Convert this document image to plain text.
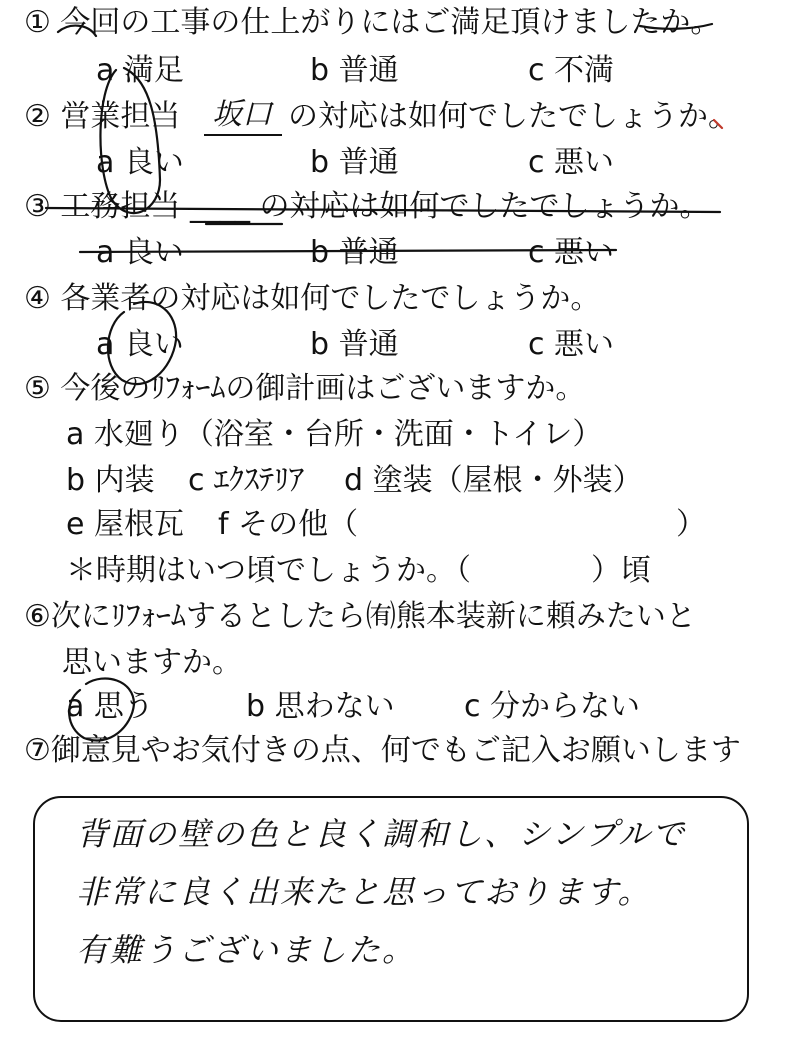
① 今回の工事の仕上がりにはご満足頂けましたか。
a 満足	b 普通	c 不満
② 営業担当 坂口 の対応は如何でしたでしょうか。
a 良い	b 普通	c 悪い
③ 工務担当 ____ の対応は如何でしたでしょうか。
a 良い	b 普通	c 悪い
④ 各業者の対応は如何でしたでしょうか。
a 良い	b 普通	c 悪い
⑤ 今後のﾘﾌｫｰﾑの御計画はございますか。
a 水廻り（浴室・台所・洗面・トイレ）
b 内装 c ｴｸｽﾃﾘｱ d 塗装（屋根・外装）
e 屋根瓦 f その他（	）
＊時期はいつ頃でしょうか。（　　　　）頃
⑥次にﾘﾌｫｰﾑするとしたら㈲熊本装新に頼みたいと
思いますか。
a 思う	b 思わない c 分からない
⑦御意見やお気付きの点、何でもご記入お願いします
背面の壁の色と良く調和し、シンプルで
非常に良く出来たと思っております。
有難うございました。
